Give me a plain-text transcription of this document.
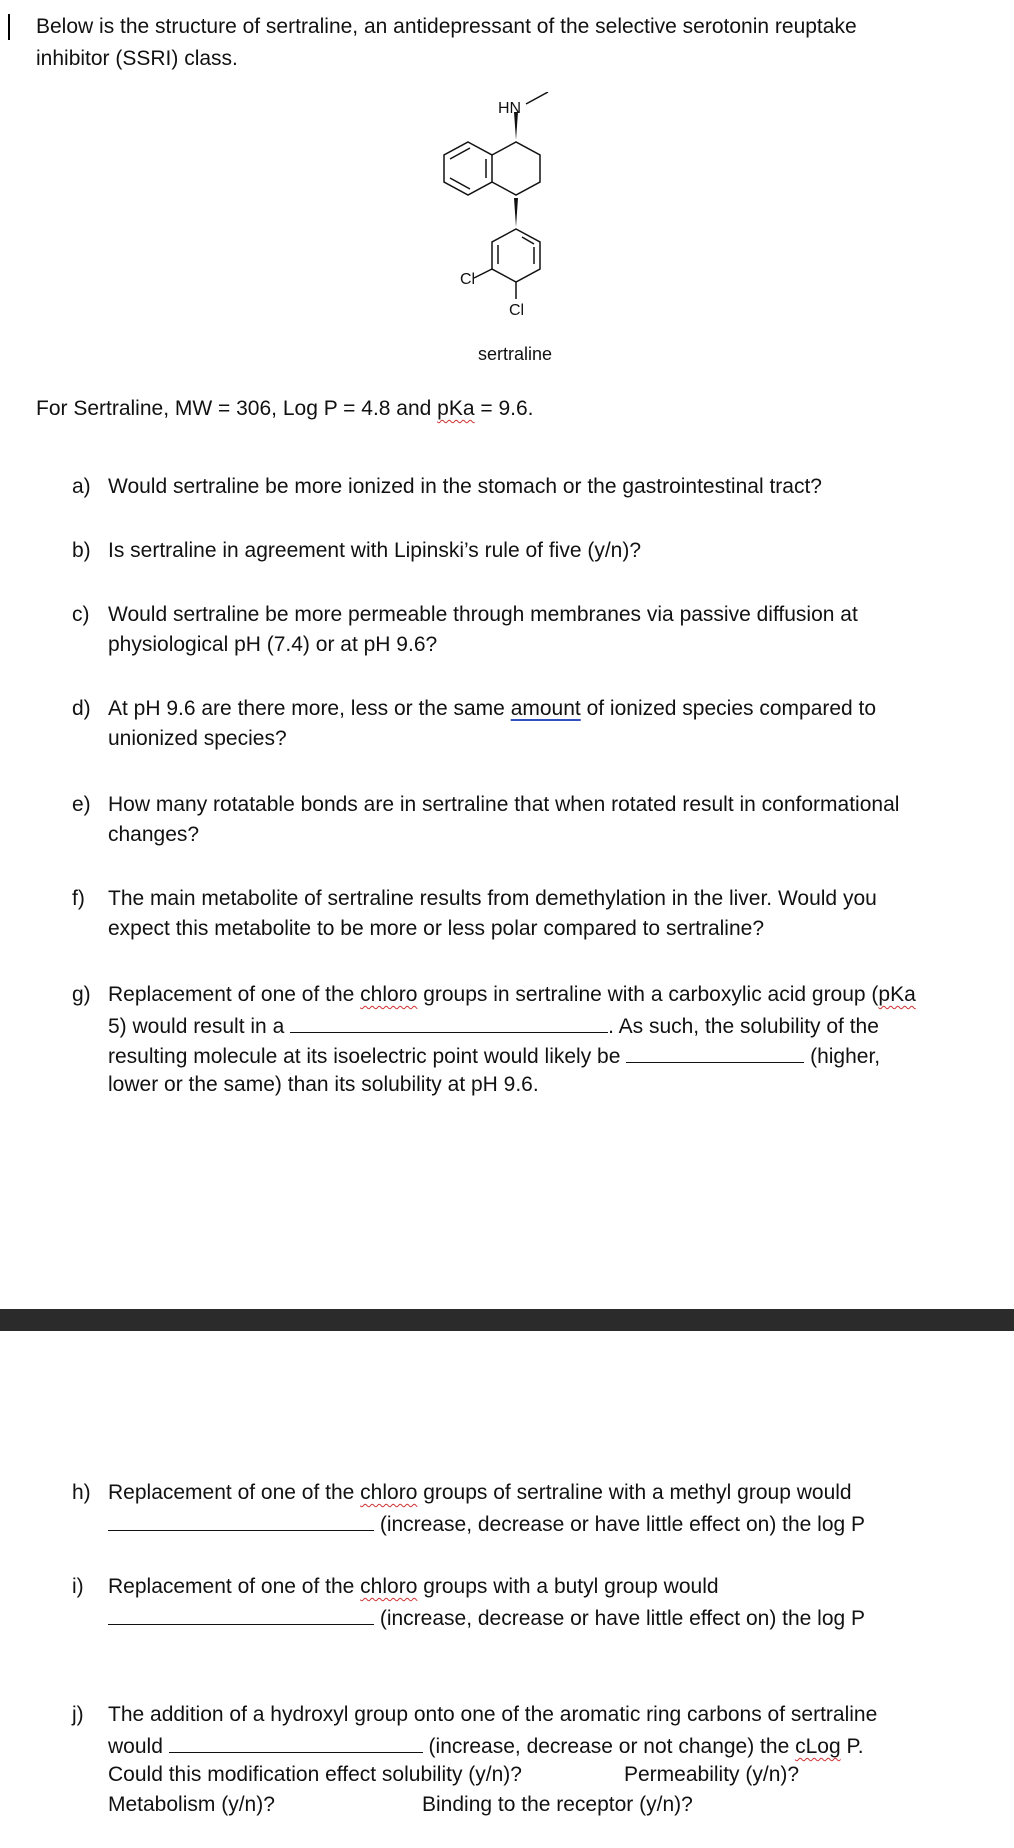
Below is the structure of sertraline, an antidepressant of the selective serotonin reuptake
inhibitor (SSRI) class.
HN
Cl
Cl
sertraline
For Sertraline, MW = 306, Log P = 4.8 and pKa = 9.6.
a) Would sertraline be more ionized in the stomach or the gastrointestinal tract?
b) Is sertraline in agreement with Lipinski’s rule of five (y/n)?
c) Would sertraline be more permeable through membranes via passive diffusion at
physiological pH (7.4) or at pH 9.6?
d) At pH 9.6 are there more, less or the same amount of ionized species compared to
unionized species?
e) How many rotatable bonds are in sertraline that when rotated result in conformational
changes?
f)	The main metabolite of sertraline results from demethylation in the liver. Would you
expect this metabolite to be more or less polar compared to sertraline?
g) Replacement of one of the chloro groups in sertraline with a carboxylic acid group (pKa
5) would result in a	. As such, the solubility of the
resulting molecule at its isoelectric point would likely be	(higher,
lower or the same) than its solubility at pH 9.6.
h) Replacement of one of the chloro groups of sertraline with a methyl group would
(increase, decrease or have little effect on) the log P
i)	Replacement of one of the chloro groups with a butyl group would
(increase, decrease or have little effect on) the log P
j)	The addition of a hydroxyl group onto one of the aromatic ring carbons of sertraline
would	(increase, decrease or not change) the cLog P.
Could this modification effect solubility (y/n)?	Permeability (y/n)?
Metabolism (y/n)?	Binding to the receptor (y/n)?
